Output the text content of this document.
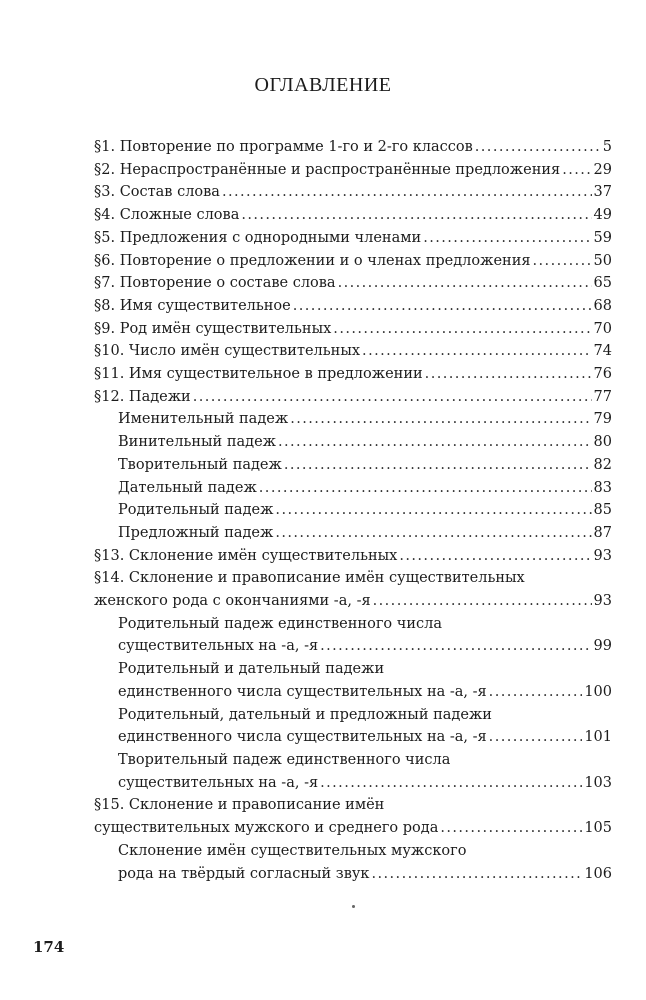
ОГЛАВЛЕНИЕ
§1. Повторение по программе 1-го и 2-го классов . . .	5
§2. Нераспространённые и распространённые предложения . . . 29
§3. Состав слова . . .	37
§4. Сложные слова . . .	49
§5. Предложения с однородными членами . . .	59
§6. Повторение о предложении и о членах предложения . . .	50
§7. Повторение о составе слова . . .	65
§8. Имя существительное . . .	68
§9. Род имён существительных . . .	70
§10. Число имён существительных . . .	74
§11. Имя существительное в предложении . . .	76
§12. Падежи . . .	77
Именительный падеж . . .	79
Винительный падеж . . .	80
Творительный падеж . . .	82
Дательный падеж . . .	83
Родительный падеж . . .	85
Предложный падеж . . .	87
§13. Склонение имён существительных . . .	93
§14. Склонение и правописание имён существительных
женского рода с окончаниями -а, -я . . .	93
Родительный падеж единственного числа
существительных на -а, -я . . .	99
Родительный и дательный падежи
единственного числа существительных на -а, -я . . .	100
Родительный, дательный и предложный падежи
единственного числа существительных на -а, -я . . .	101
Творительный падеж единственного числа
существительных на -а, -я . . .	103
§15. Склонение и правописание имён
существительных мужского и среднего рода . . .	105
Склонение имён существительных мужского
рода на твёрдый согласный звук . . .	106
174
